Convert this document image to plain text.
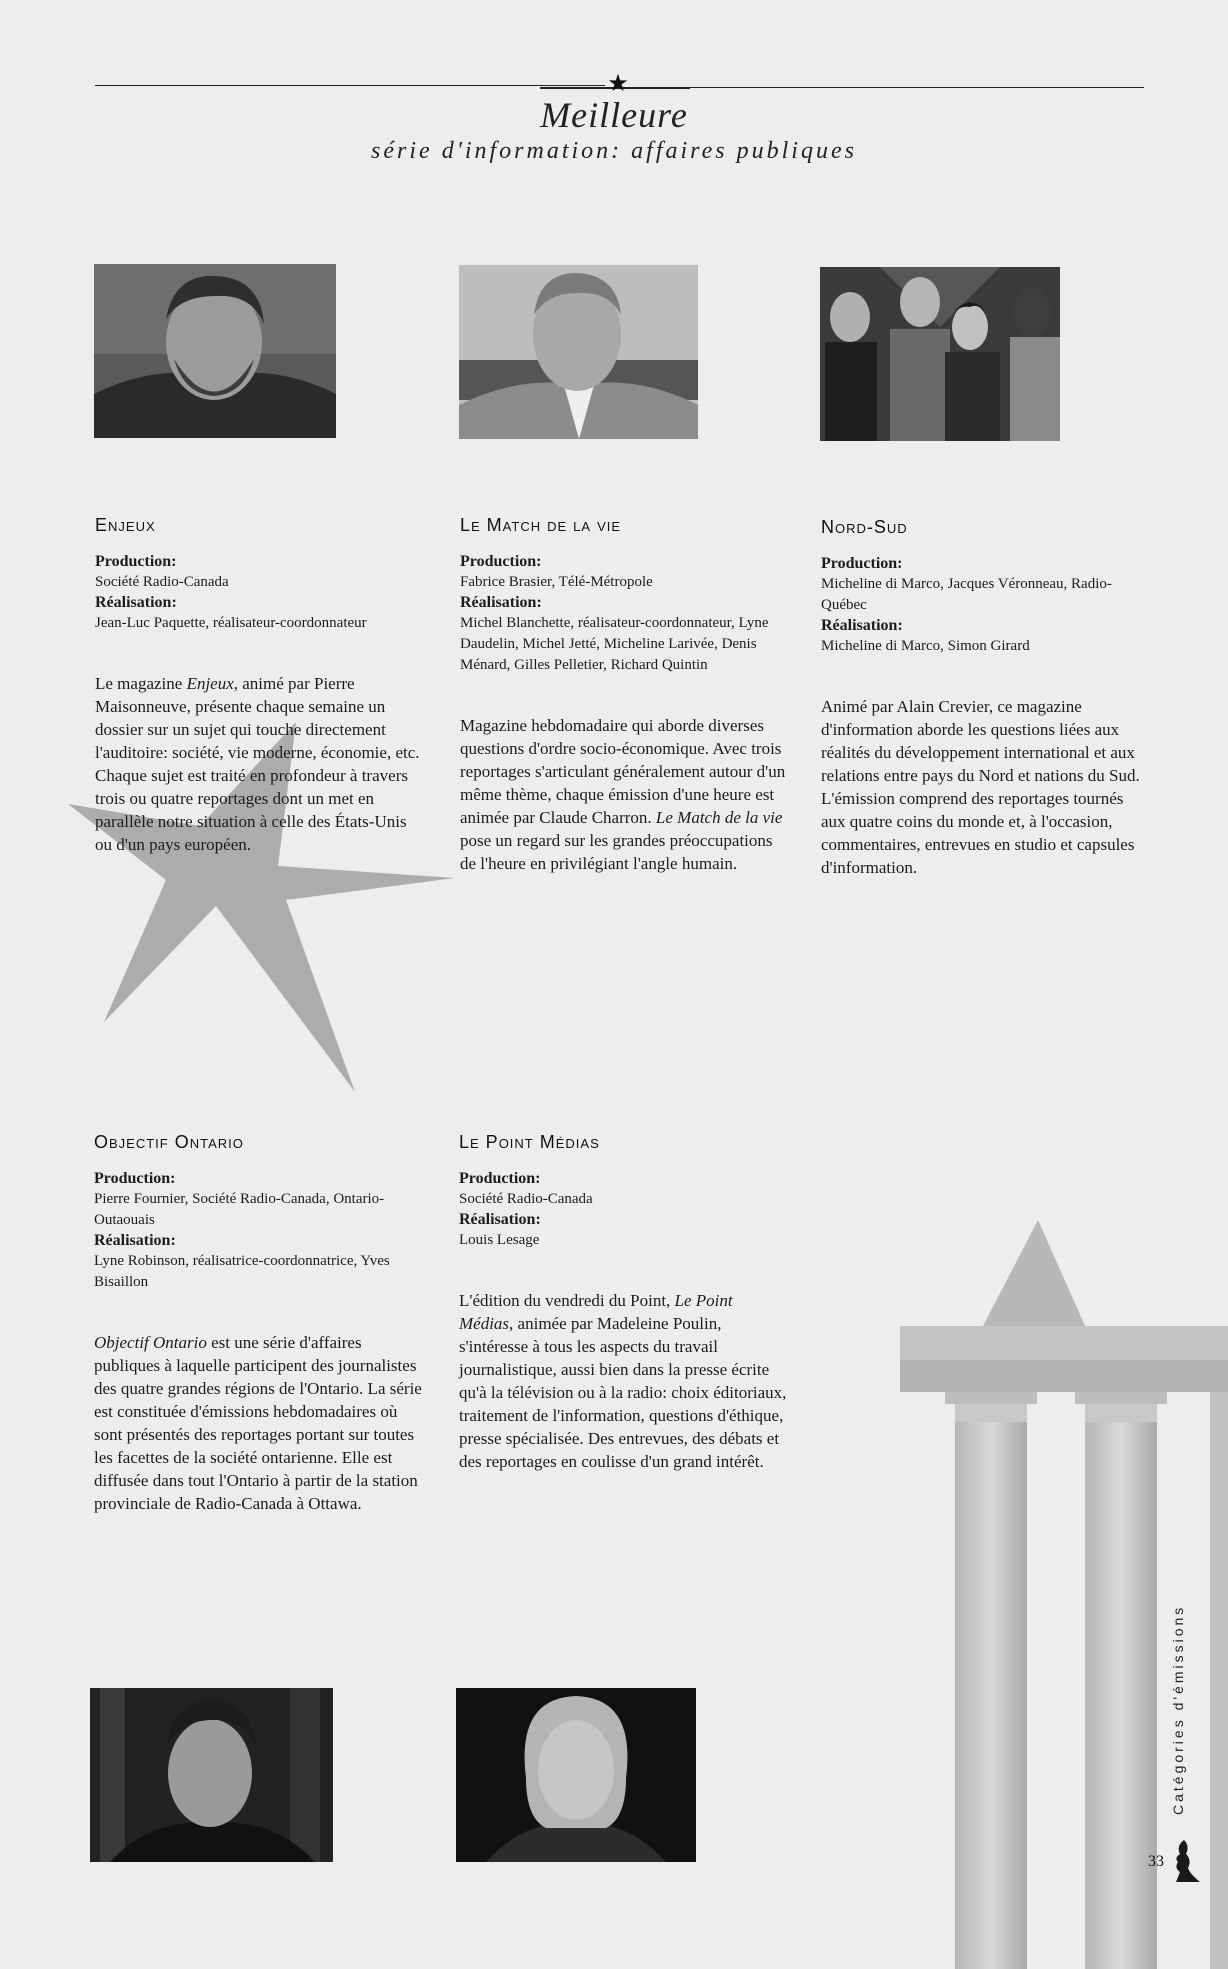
★
Meilleure
série d'information: affaires publiques
Enjeux
Production:
Société Radio-Canada
Réalisation:
Jean-Luc Paquette, réalisateur-coordonnateur
Le magazine Enjeux, animé par Pierre Maisonneuve, présente chaque semaine un dossier sur un sujet qui touche directement l'auditoire: société, vie moderne, économie, etc. Chaque sujet est traité en profondeur à travers trois ou quatre reportages dont un met en parallèle notre situation à celle des États-Unis ou d'un pays européen.
Le Match de la vie
Production:
Fabrice Brasier, Télé-Métropole
Réalisation:
Michel Blanchette, réalisateur-coordonnateur, Lyne Daudelin, Michel Jetté, Micheline Larivée, Denis Ménard, Gilles Pelletier, Richard Quintin
Magazine hebdomadaire qui aborde diverses questions d'ordre socio-économique. Avec trois reportages s'articulant généralement autour d'un même thème, chaque émission d'une heure est animée par Claude Charron. Le Match de la vie pose un regard sur les grandes préoccupations de l'heure en privilégiant l'angle humain.
Nord-Sud
Production:
Micheline di Marco, Jacques Véronneau, Radio-Québec
Réalisation:
Micheline di Marco, Simon Girard
Animé par Alain Crevier, ce magazine d'information aborde les questions liées aux réalités du développement international et aux relations entre pays du Nord et nations du Sud. L'émission comprend des reportages tournés aux quatre coins du monde et, à l'occasion, commentaires, entrevues en studio et capsules d'information.
Objectif Ontario
Production:
Pierre Fournier, Société Radio-Canada, Ontario-Outaouais
Réalisation:
Lyne Robinson, réalisatrice-coordonnatrice, Yves Bisaillon
Objectif Ontario est une série d'affaires publiques à laquelle participent des journalistes des quatre grandes régions de l'Ontario. La série est constituée d'émissions hebdomadaires où sont présentés des reportages portant sur toutes les facettes de la société ontarienne. Elle est diffusée dans tout l'Ontario à partir de la station provinciale de Radio-Canada à Ottawa.
Le Point Médias
Production:
Société Radio-Canada
Réalisation:
Louis Lesage
L'édition du vendredi du Point, Le Point Médias, animée par Madeleine Poulin, s'intéresse à tous les aspects du travail journalistique, aussi bien dans la presse écrite qu'à la télévision ou à la radio: choix éditoriaux, traitement de l'information, questions d'éthique, presse spécialisée. Des entrevues, des débats et des reportages en coulisse d'un grand intérêt.
Catégories d'émissions
33
